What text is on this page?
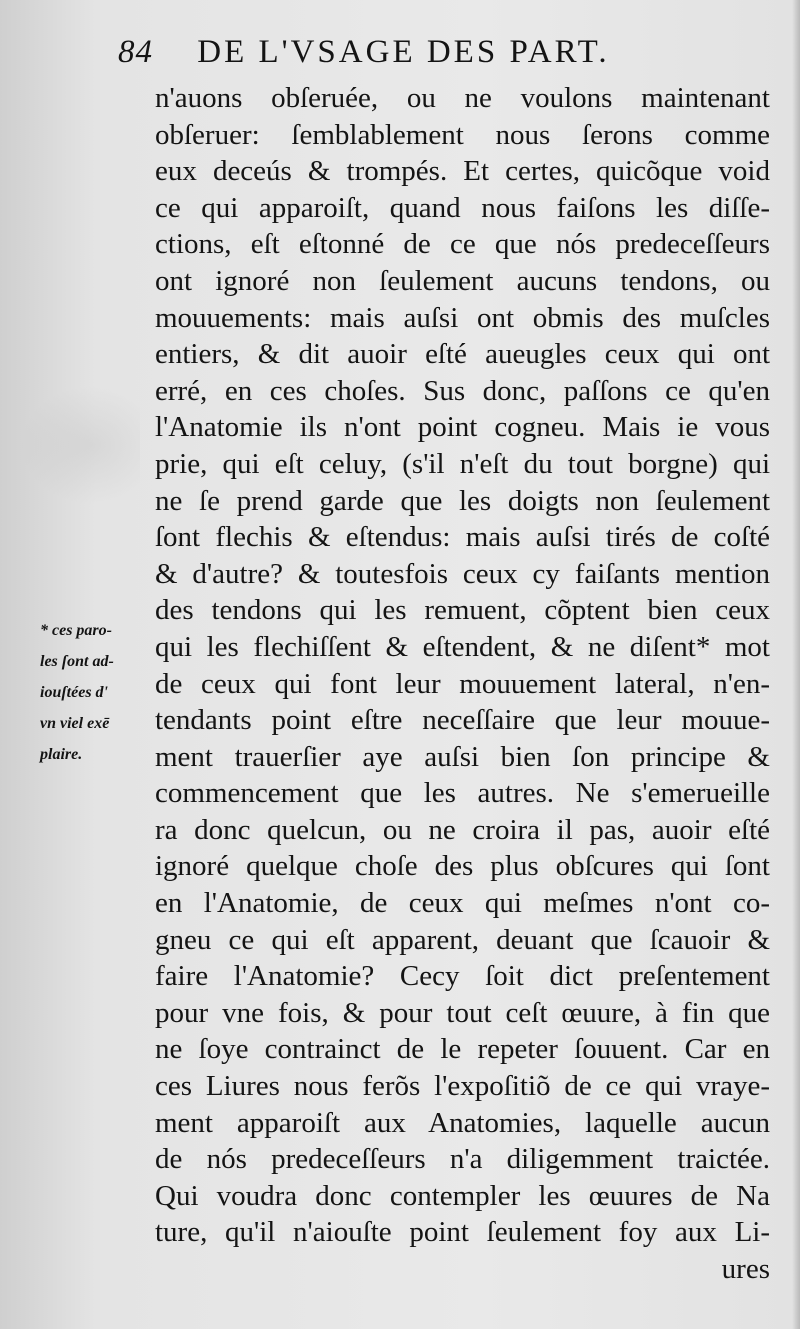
84 DE L'VSAGE DES PART.
* ces paro-
les ſont ad-
iouſtées d'
vn viel exē
plaire.
n'auons obſeruée, ou ne voulons maintenant
obſeruer: ſemblablement nous ſerons comme
eux deceús & trompés. Et certes, quicõque void
ce qui apparoiſt, quand nous faiſons les diſſe-
ctions, eſt eſtonné de ce que nós predeceſſeurs
ont ignoré non ſeulement aucuns tendons, ou
mouuements: mais auſsi ont obmis des muſcles
entiers, & dit auoir eſté aueugles ceux qui ont
erré, en ces choſes. Sus donc, paſſons ce qu'en
l'Anatomie ils n'ont point cogneu. Mais ie vous
prie, qui eſt celuy, (s'il n'eſt du tout borgne) qui
ne ſe prend garde que les doigts non ſeulement
ſont flechis & eſtendus: mais auſsi tirés de coſté
& d'autre? & toutesfois ceux cy faiſants mention
des tendons qui les remuent, cõptent bien ceux
qui les flechiſſent & eſtendent, & ne diſent* mot
de ceux qui font leur mouuement lateral, n'en-
tendants point eſtre neceſſaire que leur mouue-
ment trauerſier aye auſsi bien ſon principe &
commencement que les autres. Ne s'emerueille
ra donc quelcun, ou ne croira il pas, auoir eſté
ignoré quelque choſe des plus obſcures qui ſont
en l'Anatomie, de ceux qui meſmes n'ont co-
gneu ce qui eſt apparent, deuant que ſcauoir &
faire l'Anatomie? Cecy ſoit dict preſentement
pour vne fois, & pour tout ceſt œuure, à fin que
ne ſoye contrainct de le repeter ſouuent. Car en
ces Liures nous ferõs l'expoſitiõ de ce qui vraye-
ment apparoiſt aux Anatomies, laquelle aucun
de nós predeceſſeurs n'a diligemment traictée.
Qui voudra donc contempler les œuures de Na
ture, qu'il n'aiouſte point ſeulement foy aux Li-
ures
